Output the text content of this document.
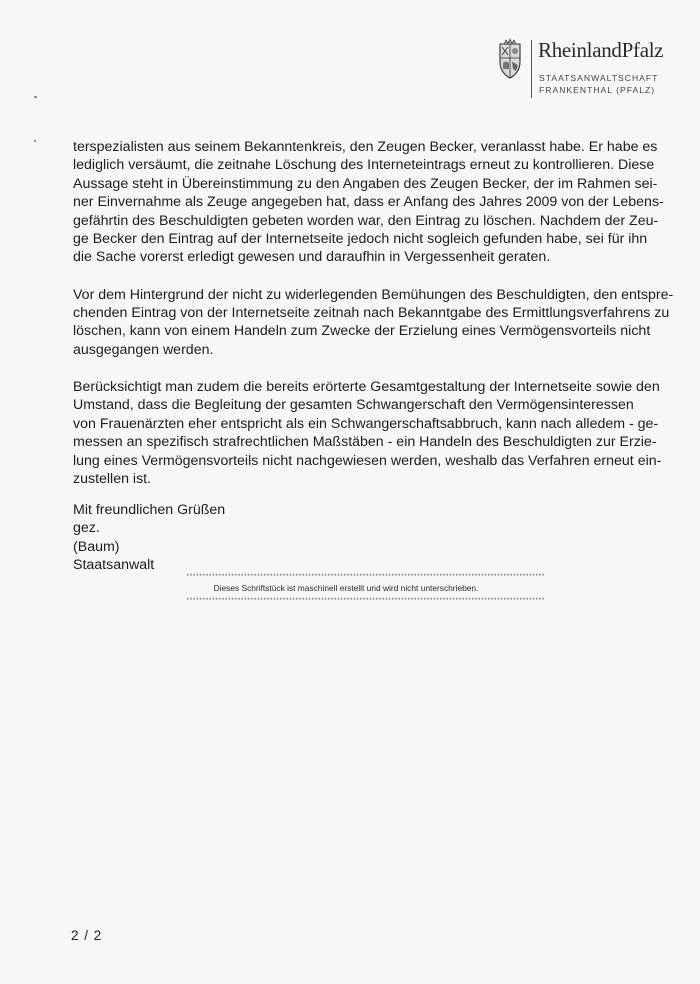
RheinlandPfalz
STAATSANWALTSCHAFT
FRANKENTHAL (PFALZ)

terspezialisten aus seinem Bekanntenkreis, den Zeugen Becker, veranlasst habe. Er habe es
lediglich versäumt, die zeitnahe Löschung des Interneteintrags erneut zu kontrollieren. Diese
Aussage steht in Übereinstimmung zu den Angaben des Zeugen Becker, der im Rahmen sei-
ner Einvernahme als Zeuge angegeben hat, dass er Anfang des Jahres 2009 von der Lebens-
gefährtin des Beschuldigten gebeten worden war, den Eintrag zu löschen. Nachdem der Zeu-
ge Becker den Eintrag auf der Internetseite jedoch nicht sogleich gefunden habe, sei für ihn
die Sache vorerst erledigt gewesen und daraufhin in Vergessenheit geraten.

Vor dem Hintergrund der nicht zu widerlegenden Bemühungen des Beschuldigten, den entspre-
chenden Eintrag von der Internetseite zeitnah nach Bekanntgabe des Ermittlungsverfahrens zu
löschen, kann von einem Handeln zum Zwecke der Erzielung eines Vermögensvorteils nicht
ausgegangen werden.

Berücksichtigt man zudem die bereits erörterte Gesamtgestaltung der Internetseite sowie den
Umstand, dass die Begleitung der gesamten Schwangerschaft den Vermögensinteressen
von Frauenärzten eher entspricht als ein Schwangerschaftsabbruch, kann nach alledem - ge-
messen an spezifisch strafrechtlichen Maßstäben - ein Handeln des Beschuldigten zur Erzie-
lung eines Vermögensvorteils nicht nachgewiesen werden, weshalb das Verfahren erneut ein-
zustellen ist.

Mit freundlichen Grüßen
gez.
(Baum)
Staatsanwalt
****************************************************************************************************************
Dieses Schriftstück ist maschinell erstellt und wird nicht unterschrieben.
****************************************************************************************************************
2 / 2
